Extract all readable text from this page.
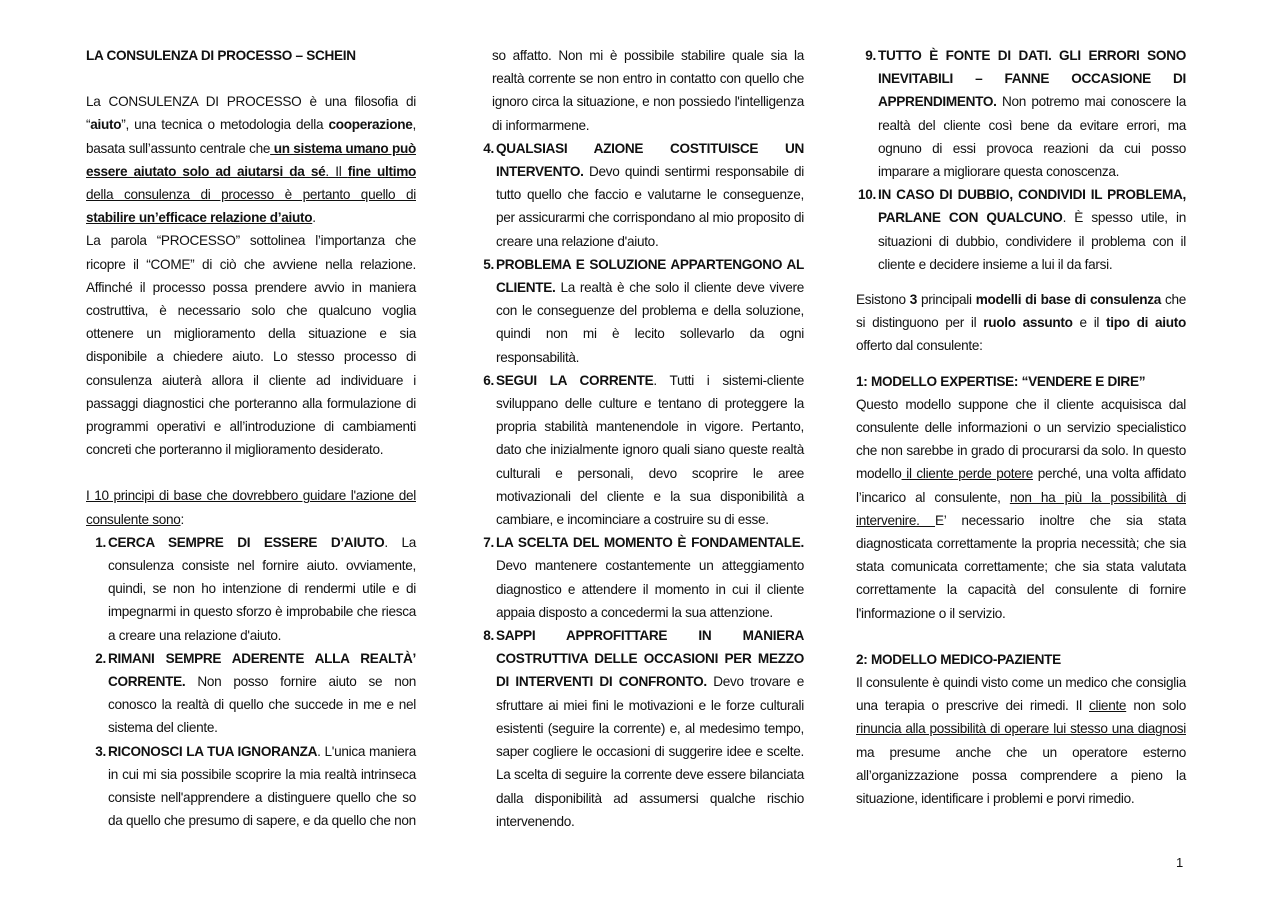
LA CONSULENZA DI PROCESSO – SCHEIN

La CONSULENZA DI PROCESSO è una filosofia di “aiuto”, una tecnica o metodologia della cooperazione, basata sull’assunto centrale che un sistema umano può essere aiutato solo ad aiutarsi da sé. Il fine ultimo della consulenza di processo è pertanto quello di stabilire un’efficace relazione d’aiuto.

La parola “PROCESSO” sottolinea l’importanza che ricopre il “COME” di ciò che avviene nella relazione. Affinché il processo possa prendere avvio in maniera costruttiva, è necessario solo che qualcuno voglia ottenere un miglioramento della situazione e sia disponibile a chiedere aiuto. Lo stesso processo di consulenza aiuterà allora il cliente ad individuare i passaggi diagnostici che porteranno alla formulazione di programmi operativi e all’introduzione di cambiamenti concreti che porteranno il miglioramento desiderato.

I 10 principi di base che dovrebbero guidare l'azione del consulente sono:

1. CERCA SEMPRE DI ESSERE D’AIUTO. La consulenza consiste nel fornire aiuto. ovviamente, quindi, se non ho intenzione di rendermi utile e di impegnarmi in questo sforzo è improbabile che riesca a creare una relazione d'aiuto.
2. RIMANI SEMPRE ADERENTE ALLA REALTÀ’ CORRENTE. Non posso fornire aiuto se non conosco la realtà di quello che succede in me e nel sistema del cliente.
3. RICONOSCI LA TUA IGNORANZA. L'unica maniera in cui mi sia possibile scoprire la mia realtà intrinseca consiste nell'apprendere a distinguere quello che so da quello che presumo di sapere, e da quello che non

so affatto. Non mi è possibile stabilire quale sia la realtà corrente se non entro in contatto con quello che ignoro circa la situazione, e non possiedo l'intelligenza di informarmene.

4. QUALSIASI AZIONE COSTITUISCE UN INTERVENTO. Devo quindi sentirmi responsabile di tutto quello che faccio e valutarne le conseguenze, per assicurarmi che corrispondano al mio proposito di creare una relazione d'aiuto.
5. PROBLEMA E SOLUZIONE APPARTENGONO AL CLIENTE. La realtà è che solo il cliente deve vivere con le conseguenze del problema e della soluzione, quindi non mi è lecito sollevarlo da ogni responsabilità.
6. SEGUI LA CORRENTE. Tutti i sistemi-cliente sviluppano delle culture e tentano di proteggere la propria stabilità mantenendole in vigore. Pertanto, dato che inizialmente ignoro quali siano queste realtà culturali e personali, devo scoprire le aree motivazionali del cliente e la sua disponibilità a cambiare, e incominciare a costruire su di esse.
7. LA SCELTA DEL MOMENTO È FONDAMENTALE. Devo mantenere costantemente un atteggiamento diagnostico e attendere il momento in cui il cliente appaia disposto a concedermi la sua attenzione.
8. SAPPI APPROFITTARE IN MANIERA COSTRUTTIVA DELLE OCCASIONI PER MEZZO DI INTERVENTI DI CONFRONTO. Devo trovare e sfruttare ai miei fini le motivazioni e le forze culturali esistenti (seguire la corrente) e, al medesimo tempo, saper cogliere le occasioni di suggerire idee e scelte. La scelta di seguire la corrente deve essere bilanciata dalla disponibilità ad assumersi qualche rischio intervenendo.
9. TUTTO È FONTE DI DATI. GLI ERRORI SONO INEVITABILI – FANNE OCCASIONE DI APPRENDIMENTO. Non potremo mai conoscere la realtà del cliente così bene da evitare errori, ma ognuno di essi provoca reazioni da cui posso imparare a migliorare questa conoscenza.
10. IN CASO DI DUBBIO, CONDIVIDI IL PROBLEMA, PARLANE CON QUALCUNO. È spesso utile, in situazioni di dubbio, condividere il problema con il cliente e decidere insieme a lui il da farsi.

Esistono 3 principali modelli di base di consulenza che si distinguono per il ruolo assunto e il tipo di aiuto offerto dal consulente:

1: MODELLO EXPERTISE: “VENDERE E DIRE”

Questo modello suppone che il cliente acquisisca dal consulente delle informazioni o un servizio specialistico che non sarebbe in grado di procurarsi da solo. In questo modello il cliente perde potere perché, una volta affidato l’incarico al consulente, non ha più la possibilità di intervenire. E’ necessario inoltre che sia stata diagnosticata correttamente la propria necessità; che sia stata comunicata correttamente; che sia stata valutata correttamente la capacità del consulente di fornire l'informazione o il servizio.

2: MODELLO MEDICO-PAZIENTE

Il consulente è quindi visto come un medico che consiglia una terapia o prescrive dei rimedi. Il cliente non solo rinuncia alla possibilità di operare lui stesso una diagnosi ma presume anche che un operatore esterno all’organizzazione possa comprendere a pieno la situazione, identificare i problemi e porvi rimedio.

1
